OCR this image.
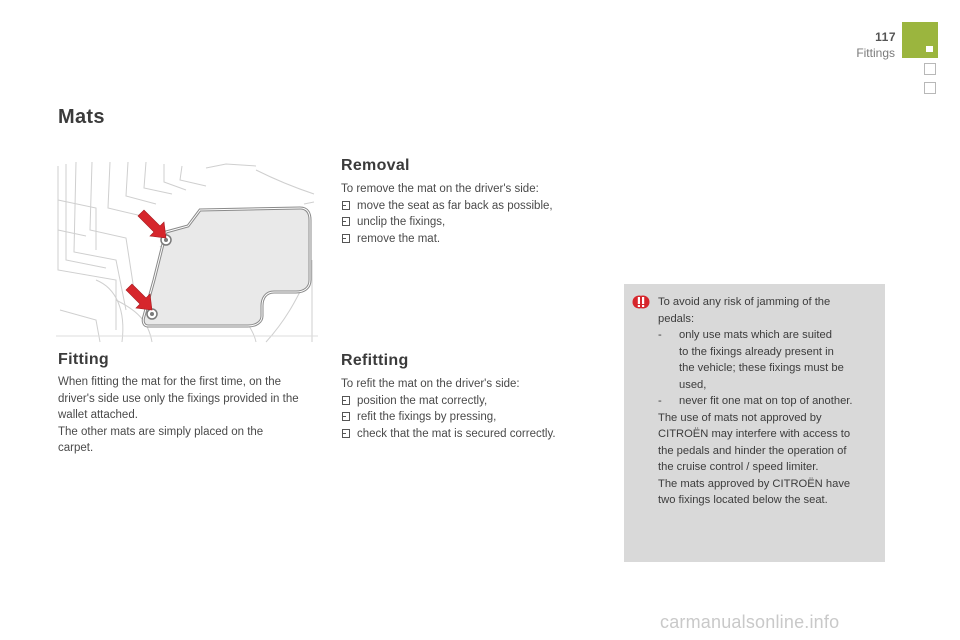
117
Fittings
Mats
Fitting

When fitting the mat for the first time, on the

driver's side use only the fixings provided in the

wallet attached.

The other mats are simply placed on the

carpet.

Removal
To remove the mat on the driver's side:
move the seat as far back as possible,
unclip the fixings,
remove the mat.
Refitting
To refit the mat on the driver's side:
position the mat correctly,
refit the fixings by pressing,
check that the mat is secured correctly.
To avoid any risk of jamming of the
pedals:
- only use mats which are suited
to the fixings already present in
the vehicle; these fixings must be
used,
- never fit one mat on top of another.
The use of mats not approved by
CITROËN may interfere with access to
the pedals and hinder the operation of
the cruise control / speed limiter.
The mats approved by CITROËN have
two fixings located below the seat.
carmanualsonline.info
